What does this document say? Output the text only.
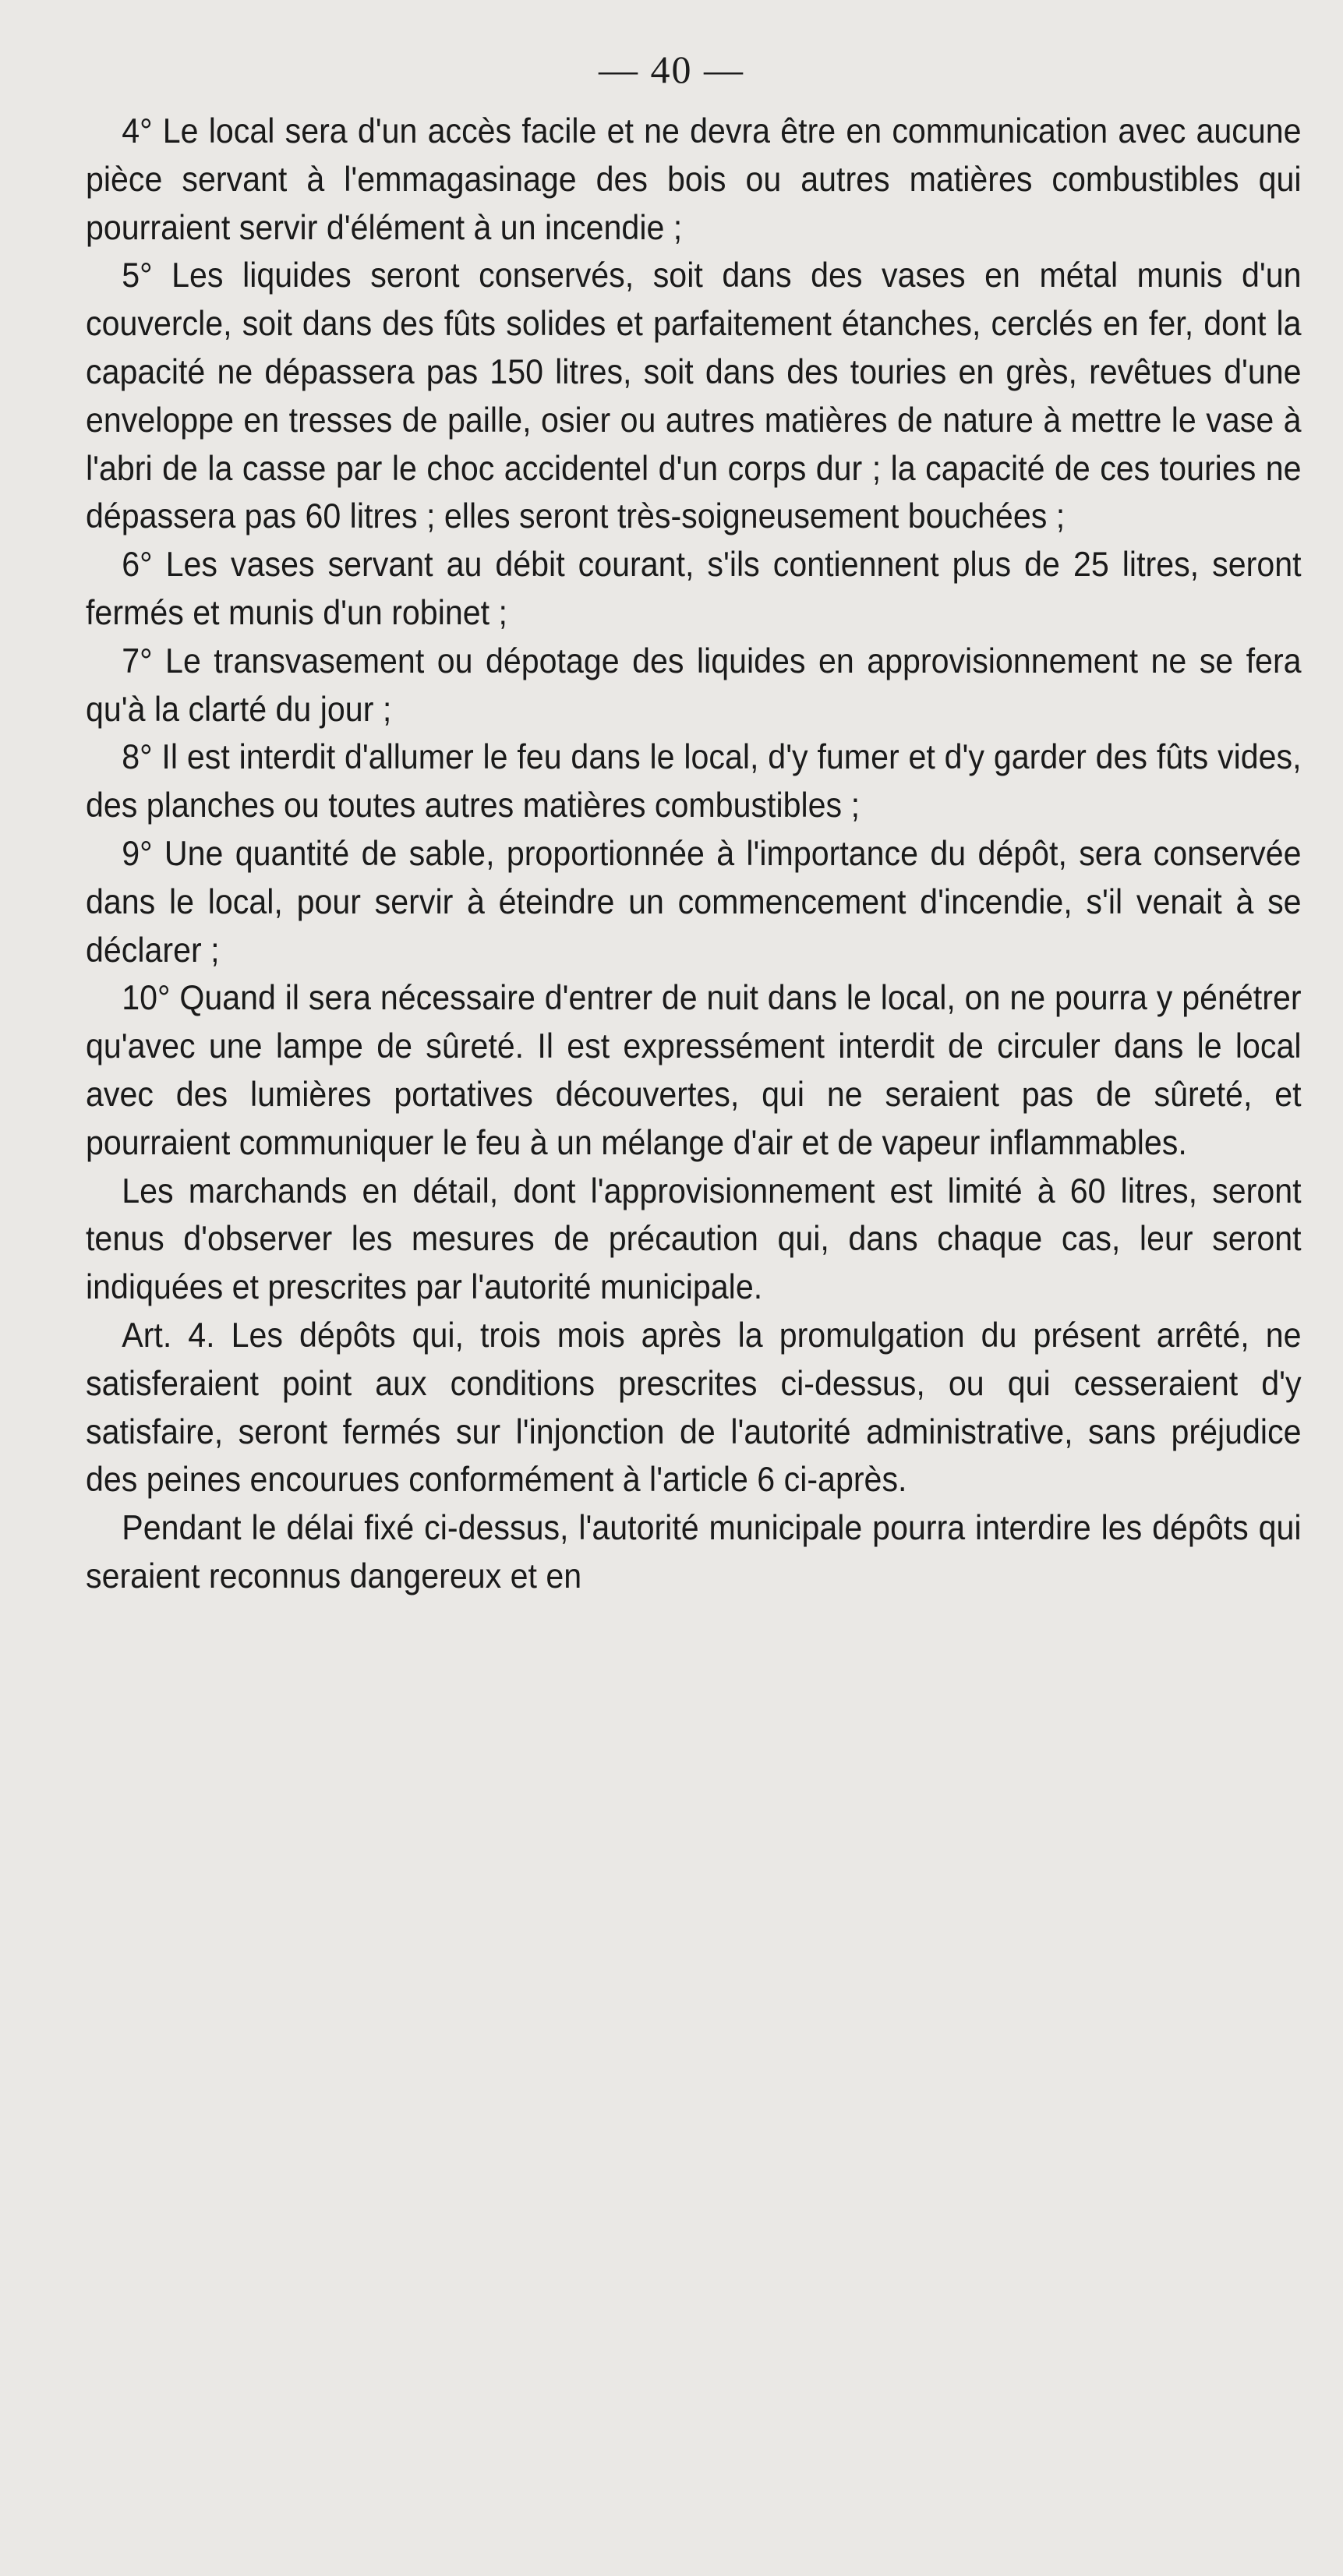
— 40 —

4° Le local sera d'un accès facile et ne devra être en communication avec aucune pièce servant à l'emmagasinage des bois ou autres matières combustibles qui pourraient servir d'élément à un incendie ;

5° Les liquides seront conservés, soit dans des vases en métal munis d'un couvercle, soit dans des fûts solides et parfaitement étanches, cerclés en fer, dont la capacité ne dépassera pas 150 litres, soit dans des touries en grès, revêtues d'une enveloppe en tresses de paille, osier ou autres matières de nature à mettre le vase à l'abri de la casse par le choc accidentel d'un corps dur ; la capacité de ces touries ne dépassera pas 60 litres ; elles seront très-soigneusement bouchées ;

6° Les vases servant au débit courant, s'ils contiennent plus de 25 litres, seront fermés et munis d'un robinet ;

7° Le transvasement ou dépotage des liquides en approvisionnement ne se fera qu'à la clarté du jour ;

8° Il est interdit d'allumer le feu dans le local, d'y fumer et d'y garder des fûts vides, des planches ou toutes autres matières combustibles ;

9° Une quantité de sable, proportionnée à l'importance du dépôt, sera conservée dans le local, pour servir à éteindre un commencement d'incendie, s'il venait à se déclarer ;

10° Quand il sera nécessaire d'entrer de nuit dans le local, on ne pourra y pénétrer qu'avec une lampe de sûreté. Il est expressément interdit de circuler dans le local avec des lumières portatives découvertes, qui ne seraient pas de sûreté, et pourraient communiquer le feu à un mélange d'air et de vapeur inflammables.

Les marchands en détail, dont l'approvisionnement est limité à 60 litres, seront tenus d'observer les mesures de précaution qui, dans chaque cas, leur seront indiquées et prescrites par l'autorité municipale.

Art. 4. Les dépôts qui, trois mois après la promulgation du présent arrêté, ne satisferaient point aux conditions prescrites ci-dessus, ou qui cesseraient d'y satisfaire, seront fermés sur l'injonction de l'autorité administrative, sans préjudice des peines encourues conformément à l'article 6 ci-après.

Pendant le délai fixé ci-dessus, l'autorité municipale pourra interdire les dépôts qui seraient reconnus dangereux et en
